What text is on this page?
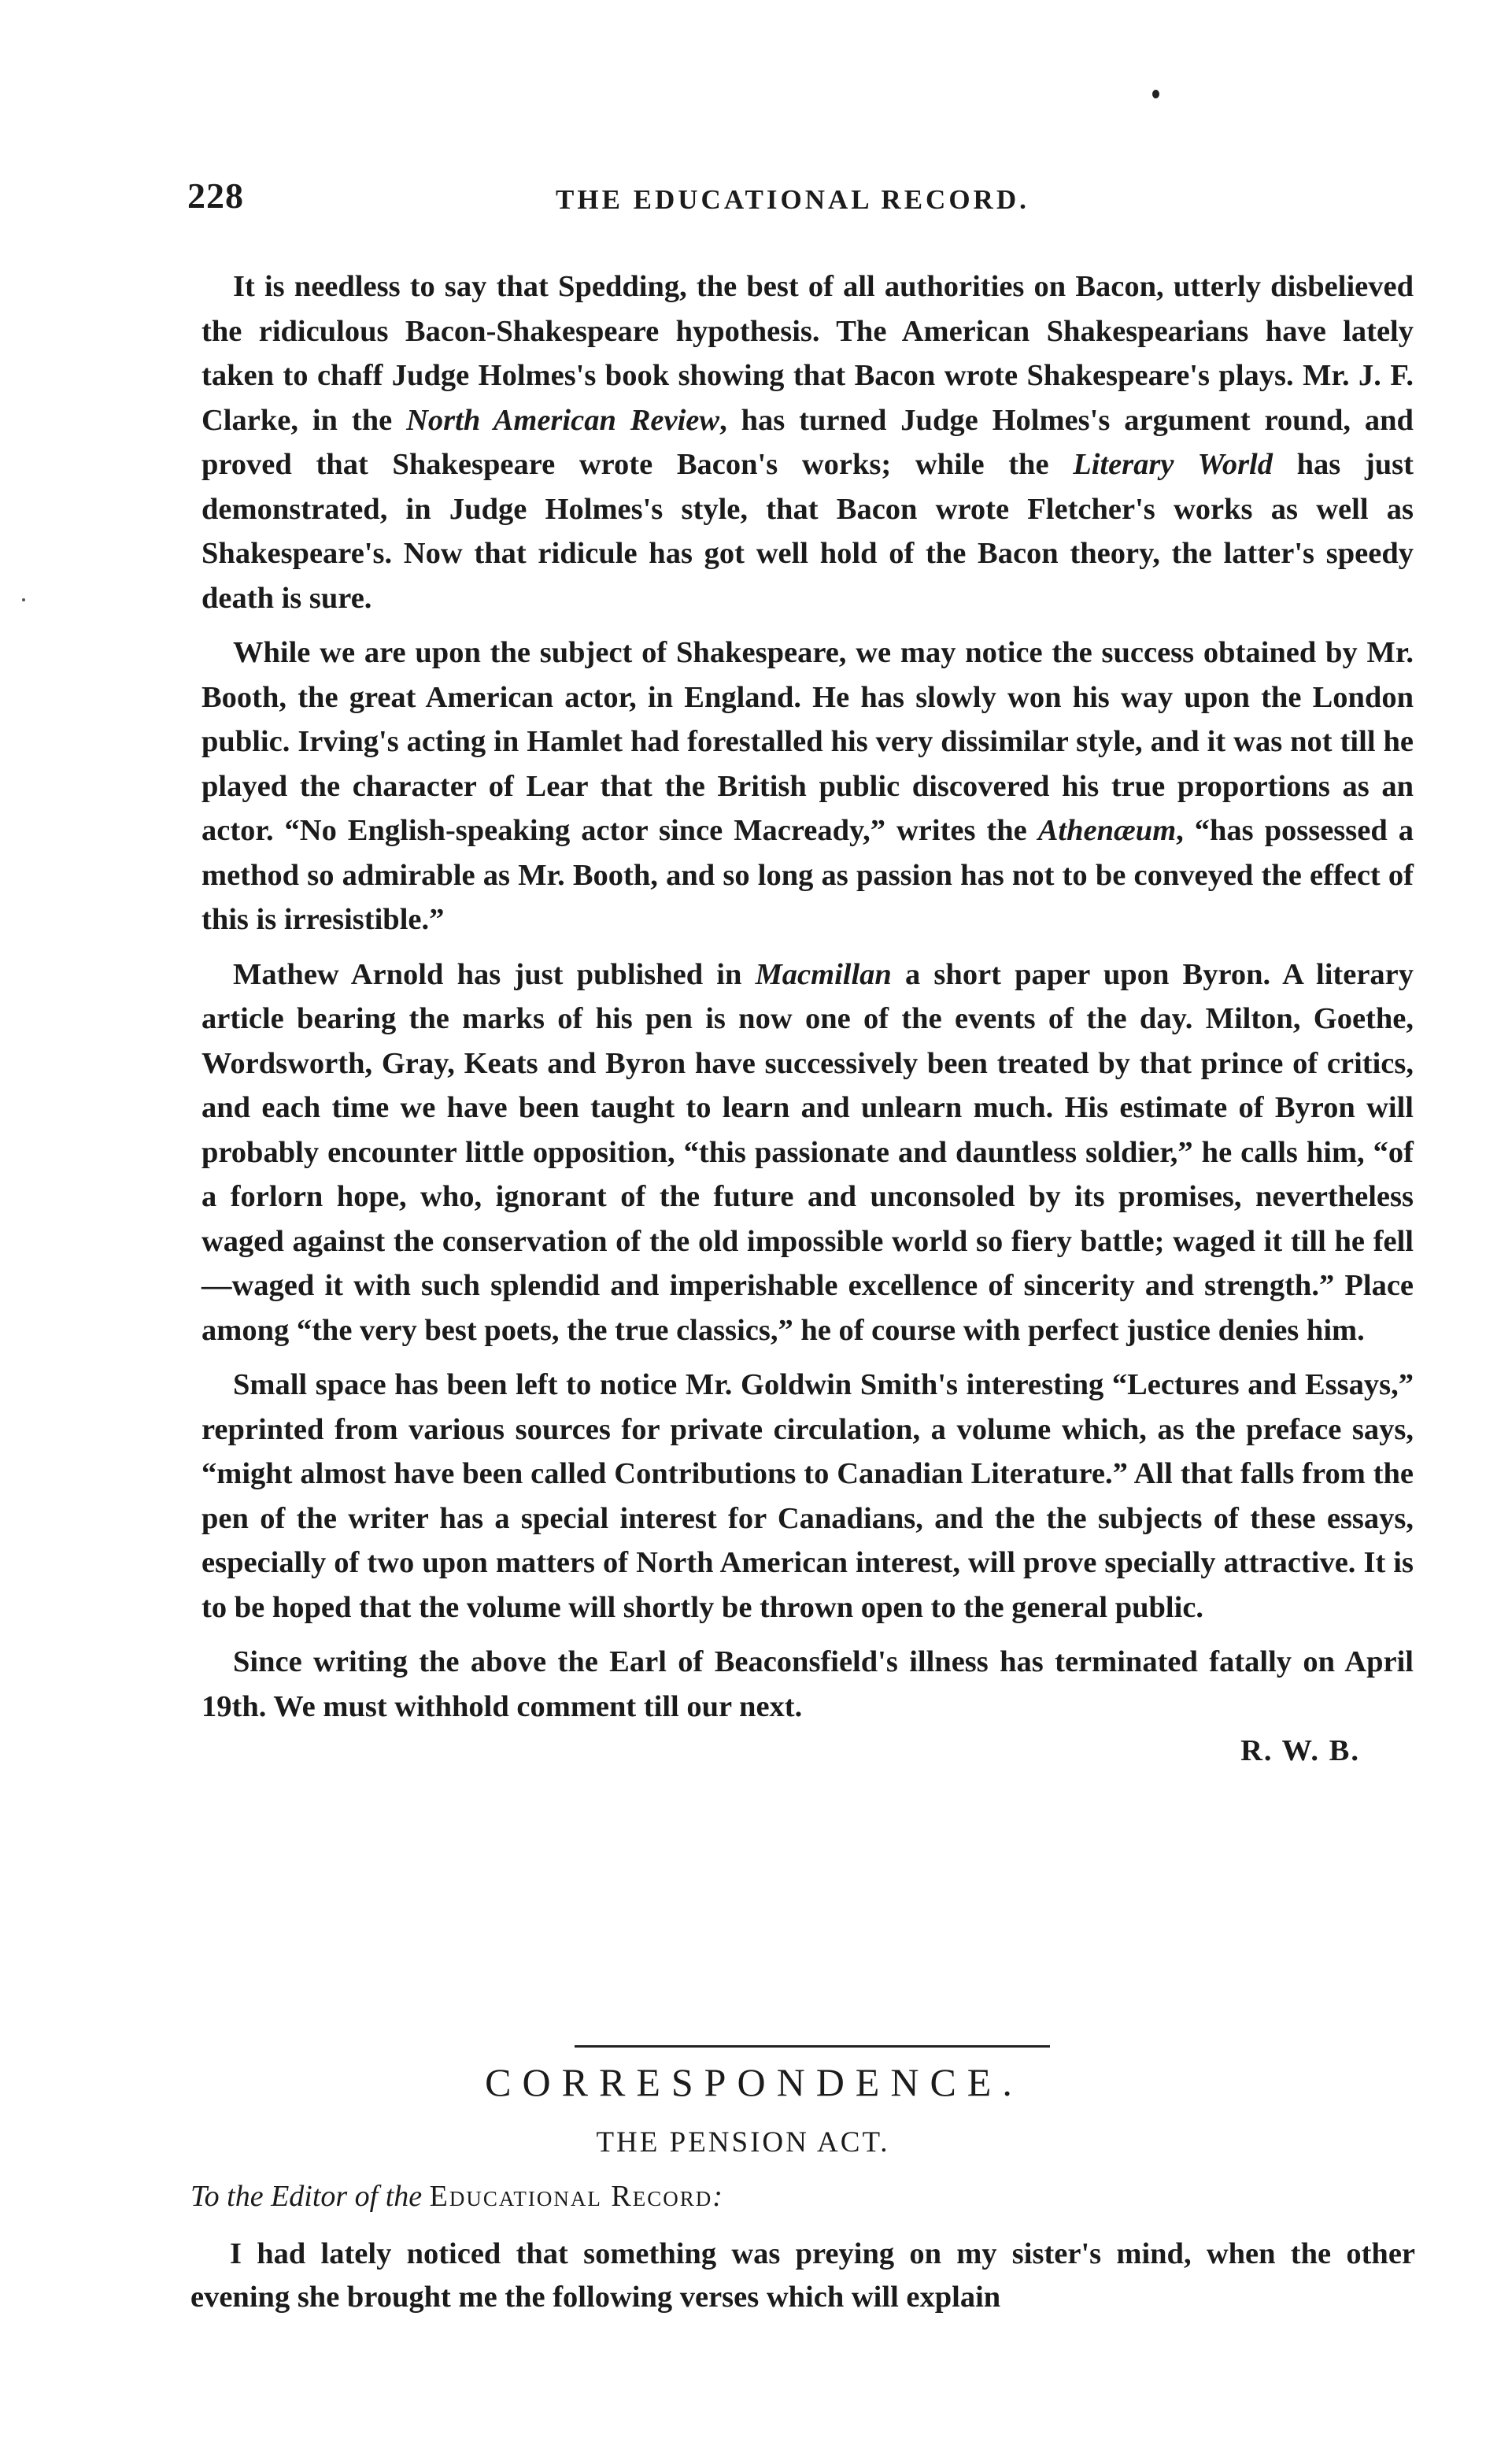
228	THE EDUCATIONAL RECORD.

It is needless to say that Spedding, the best of all authorities on Bacon, utterly disbelieved the ridiculous Bacon-Shakespeare hypothesis. The American Shakespearians have lately taken to chaff Judge Holmes's book showing that Bacon wrote Shakespeare's plays. Mr. J. F. Clarke, in the North American Review, has turned Judge Holmes's argument round, and proved that Shakespeare wrote Bacon's works; while the Literary World has just demonstrated, in Judge Holmes's style, that Bacon wrote Fletcher's works as well as Shakespeare's. Now that ridicule has got well hold of the Bacon theory, the latter's speedy death is sure.

While we are upon the subject of Shakespeare, we may notice the success obtained by Mr. Booth, the great American actor, in England. He has slowly won his way upon the London public. Irving's acting in Hamlet had forestalled his very dissimilar style, and it was not till he played the character of Lear that the British public discovered his true proportions as an actor. “No English-speaking actor since Macready,” writes the Athenæum, “has possessed a method so admirable as Mr. Booth, and so long as passion has not to be conveyed the effect of this is irresistible.”

Mathew Arnold has just published in Macmillan a short paper upon Byron. A literary article bearing the marks of his pen is now one of the events of the day. Milton, Goethe, Wordsworth, Gray, Keats and Byron have successively been treated by that prince of critics, and each time we have been taught to learn and unlearn much. His estimate of Byron will probably encounter little opposition, “this passionate and dauntless soldier,” he calls him, “of a forlorn hope, who, ignorant of the future and unconsoled by its promises, nevertheless waged against the conservation of the old impossible world so fiery battle; waged it till he fell—waged it with such splendid and imperishable excellence of sincerity and strength.” Place among “the very best poets, the true classics,” he of course with perfect justice denies him.

Small space has been left to notice Mr. Goldwin Smith's interesting “Lectures and Essays,” reprinted from various sources for private circulation, a volume which, as the preface says, “might almost have been called Contributions to Canadian Literature.” All that falls from the pen of the writer has a special interest for Canadians, and the the subjects of these essays, especially of two upon matters of North American interest, will prove specially attractive. It is to be hoped that the volume will shortly be thrown open to the general public.

Since writing the above the Earl of Beaconsfield's illness has terminated fatally on April 19th. We must withhold comment till our next.

R. W. B.

CORRESPONDENCE.
THE PENSION ACT.
To the Editor of the Educational Record:

I had lately noticed that something was preying on my sister's mind, when the other evening she brought me the following verses which will explain
